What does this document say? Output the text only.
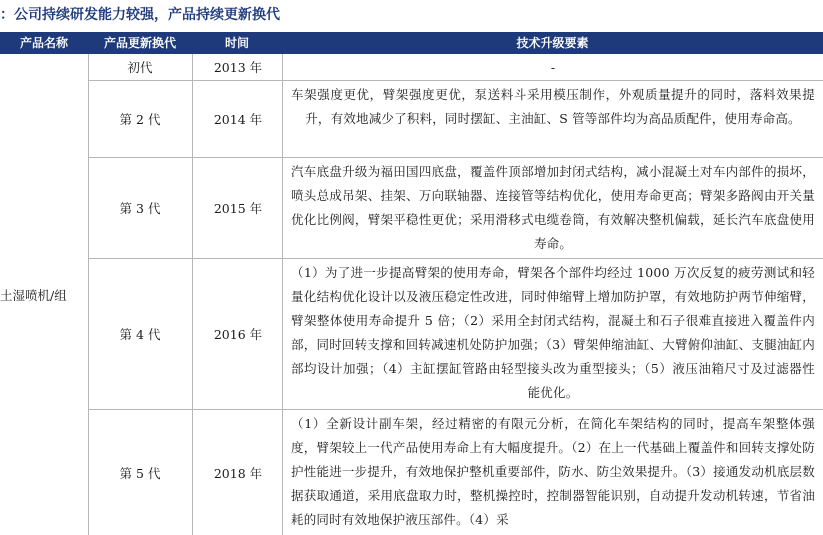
：公司持续研发能力较强，产品持续更新换代
产品名称	产品更新换代	时间	技术升级要素
土湿喷机/组
初代	2013 年	-
第 2 代	2014 年
车架强度更优，臂架强度更优，泵送料斗采用模压制作，外观质量提升的同时，落料效果提升，有效地减少了积料，同时摆缸、主油缸、S 管等部件均为高品质配件，使用寿命高。
第 3 代	2015 年
汽车底盘升级为福田国四底盘，覆盖件顶部增加封闭式结构，减小混凝土对车内部件的损坏，喷头总成吊架、挂架、万向联轴器、连接管等结构优化，使用寿命更高；臂架多路阀由开关量优化比例阀，臂架平稳性更优；采用滑移式电缆卷筒，有效解决整机偏载，延长汽车底盘使用寿命。
第 4 代	2016 年
（1）为了进一步提高臂架的使用寿命，臂架各个部件均经过 1000 万次反复的疲劳测试和轻量化结构优化设计以及液压稳定性改进，同时伸缩臂上增加防护罩，有效地防护两节伸缩臂，臂架整体使用寿命提升 5 倍；（2）采用全封闭式结构，混凝土和石子很难直接进入覆盖件内部，同时回转支撑和回转减速机处防护加强；（3）臂架伸缩油缸、大臂俯仰油缸、支腿油缸内部均设计加强；（4）主缸摆缸管路由轻型接头改为重型接头；（5）液压油箱尺寸及过滤器性能优化。
第 5 代	2018 年
（1）全新设计副车架，经过精密的有限元分析，在简化车架结构的同时，提高车架整体强度，臂架较上一代产品使用寿命上有大幅度提升。（2）在上一代基础上覆盖件和回转支撑处防护性能进一步提升，有效地保护整机重要部件，防水、防尘效果提升。（3）接通发动机底层数据获取通道，采用底盘取力时，整机操控时，控制器智能识别，自动提升发动机转速，节省油耗的同时有效地保护液压部件。（4）采
